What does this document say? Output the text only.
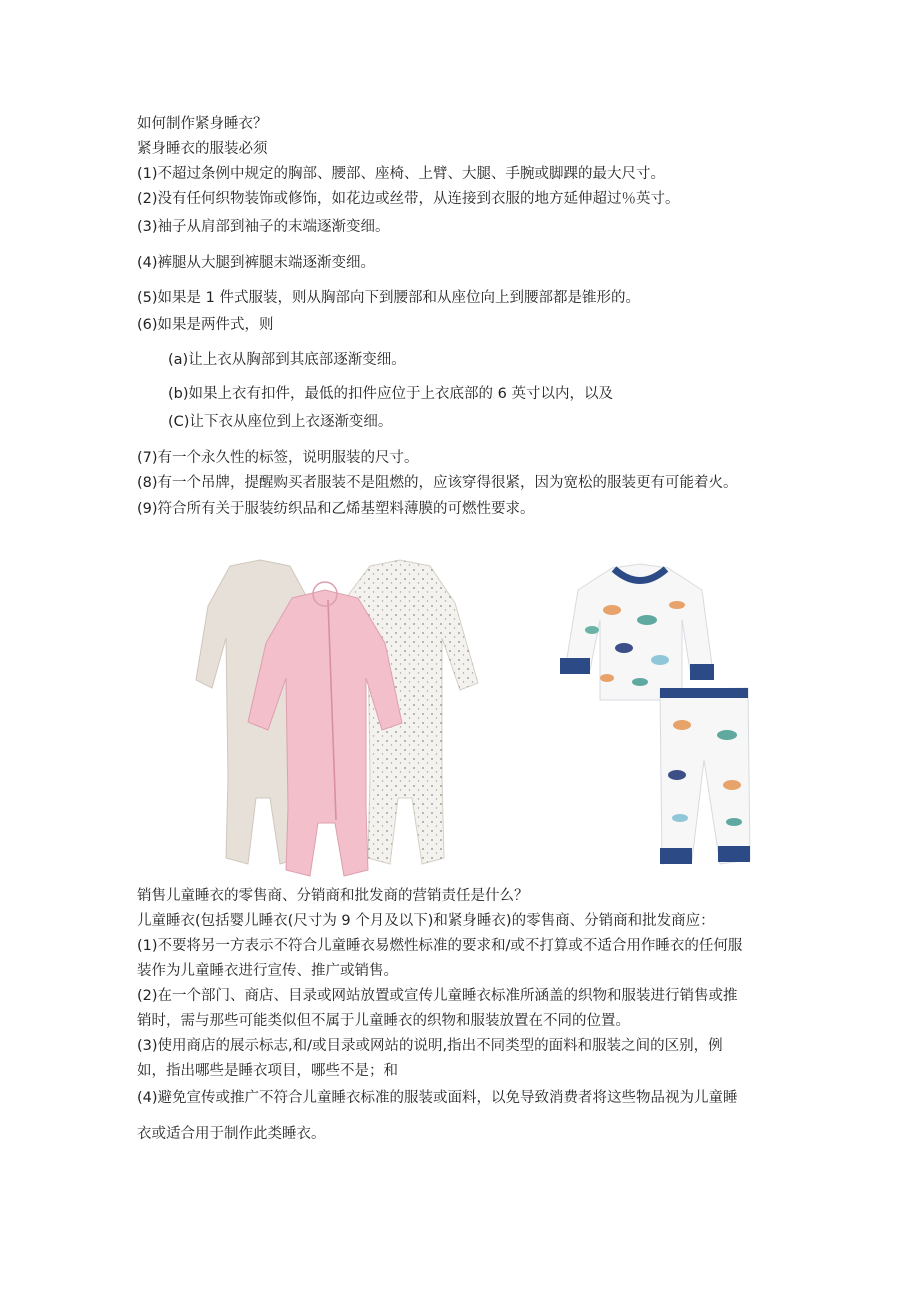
如何制作紧身睡衣？

紧身睡衣的服装必须

(1)不超过条例中规定的胸部、腰部、座椅、上臂、大腿、手腕或脚踝的最大尺寸。

(2)没有任何织物装饰或修饰，如花边或丝带，从连接到衣服的地方延伸超过％英寸。

(3)袖子从肩部到袖子的末端逐渐变细。

(4)裤腿从大腿到裤腿末端逐渐变细。

(5)如果是 1 件式服装，则从胸部向下到腰部和从座位向上到腰部都是锥形的。

(6)如果是两件式，则

(a)让上衣从胸部到其底部逐渐变细。

(b)如果上衣有扣件，最低的扣件应位于上衣底部的 6 英寸以内，以及

(C)让下衣从座位到上衣逐渐变细。

(7)有一个永久性的标签，说明服装的尺寸。

(8)有一个吊牌，提醒购买者服装不是阻燃的，应该穿得很紧，因为宽松的服装更有可能着火。

(9)符合所有关于服装纺织品和乙烯基塑料薄膜的可燃性要求。

销售儿童睡衣的零售商、分销商和批发商的营销责任是什么？

儿童睡衣(包括婴儿睡衣(尺寸为 9 个月及以下)和紧身睡衣)的零售商、分销商和批发商应：

(1)不要将另一方表示不符合儿童睡衣易燃性标准的要求和/或不打算或不适合用作睡衣的任何服

装作为儿童睡衣进行宣传、推广或销售。

(2)在一个部门、商店、目录或网站放置或宣传儿童睡衣标准所涵盖的织物和服装进行销售或推

销时，需与那些可能类似但不属于儿童睡衣的织物和服装放置在不同的位置。

(3)使用商店的展示标志,和/或目录或网站的说明,指出不同类型的面料和服装之间的区别，例

如，指出哪些是睡衣项目，哪些不是；和

(4)避免宣传或推广不符合儿童睡衣标准的服装或面料，以免导致消费者将这些物品视为儿童睡

衣或适合用于制作此类睡衣。
